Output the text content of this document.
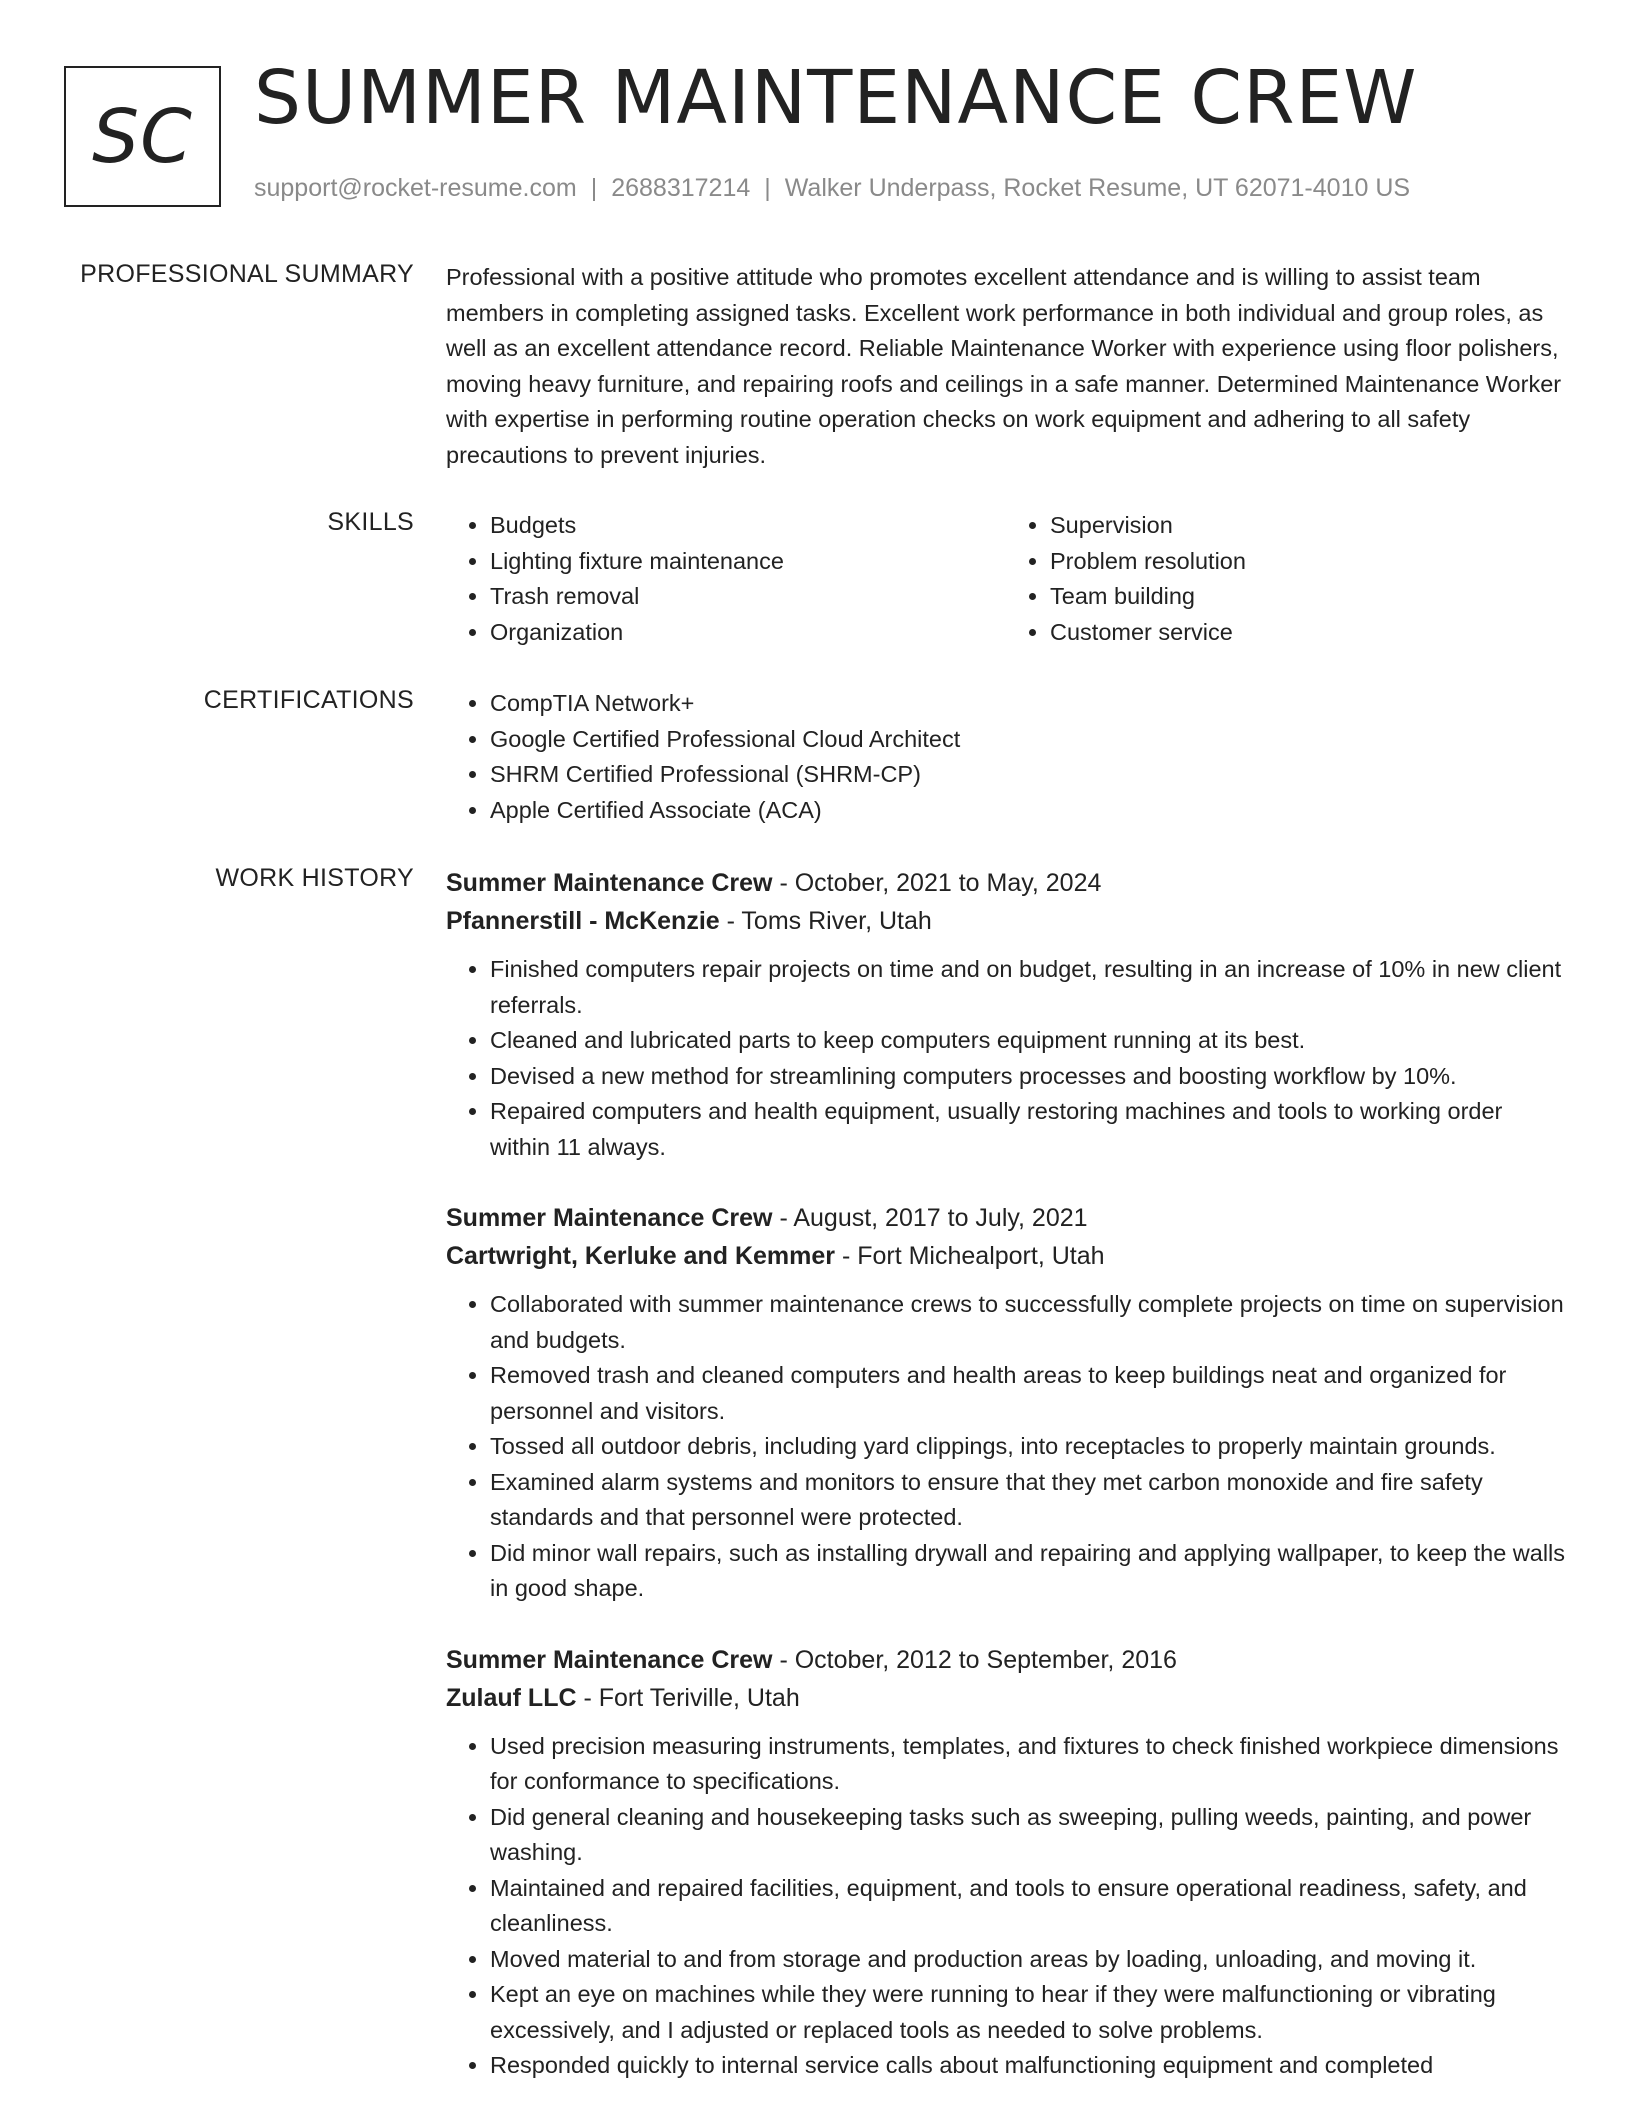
SC SUMMER MAINTENANCE CREW
support@rocket-resume.com | 2688317214 | Walker Underpass, Rocket Resume, UT 62071-4010 US
PROFESSIONAL SUMMARY Professional with a positive attitude who promotes excellent attendance and is willing to assist team members in completing assigned tasks. Excellent work performance in both individual and group roles, as well as an excellent attendance record. Reliable Maintenance Worker with experience using floor polishers, moving heavy furniture, and repairing roofs and ceilings in a safe manner. Determined Maintenance Worker with expertise in performing routine operation checks on work equipment and adhering to all safety precautions to prevent injuries.

SKILLS	• Budgets
• Lighting fixture maintenance
• Trash removal
• Organization
• Supervision
• Problem resolution
• Team building
• Customer service
CERTIFICATIONS	• CompTIA Network+
• Google Certified Professional Cloud Architect
• SHRM Certified Professional (SHRM-CP)
• Apple Certified Associate (ACA)
WORK HISTORY Summer Maintenance Crew - October, 2021 to May, 2024
Pfannerstill - McKenzie - Toms River, Utah
• Finished computers repair projects on time and on budget, resulting in an increase of 10% in new client referrals.
• Cleaned and lubricated parts to keep computers equipment running at its best.
• Devised a new method for streamlining computers processes and boosting workflow by 10%.
• Repaired computers and health equipment, usually restoring machines and tools to working order within 11 always.
Summer Maintenance Crew - August, 2017 to July, 2021
Cartwright, Kerluke and Kemmer - Fort Michealport, Utah
• Collaborated with summer maintenance crews to successfully complete projects on time on supervision and budgets.
• Removed trash and cleaned computers and health areas to keep buildings neat and organized for personnel and visitors.
• Tossed all outdoor debris, including yard clippings, into receptacles to properly maintain grounds.
• Examined alarm systems and monitors to ensure that they met carbon monoxide and fire safety standards and that personnel were protected.
• Did minor wall repairs, such as installing drywall and repairing and applying wallpaper, to keep the walls in good shape.
Summer Maintenance Crew - October, 2012 to September, 2016
Zulauf LLC - Fort Teriville, Utah
• Used precision measuring instruments, templates, and fixtures to check finished workpiece dimensions for conformance to specifications.
• Did general cleaning and housekeeping tasks such as sweeping, pulling weeds, painting, and power washing.
• Maintained and repaired facilities, equipment, and tools to ensure operational readiness, safety, and cleanliness.
• Moved material to and from storage and production areas by loading, unloading, and moving it.
• Kept an eye on machines while they were running to hear if they were malfunctioning or vibrating excessively, and I adjusted or replaced tools as needed to solve problems.
• Responded quickly to internal service calls about malfunctioning equipment and completed
